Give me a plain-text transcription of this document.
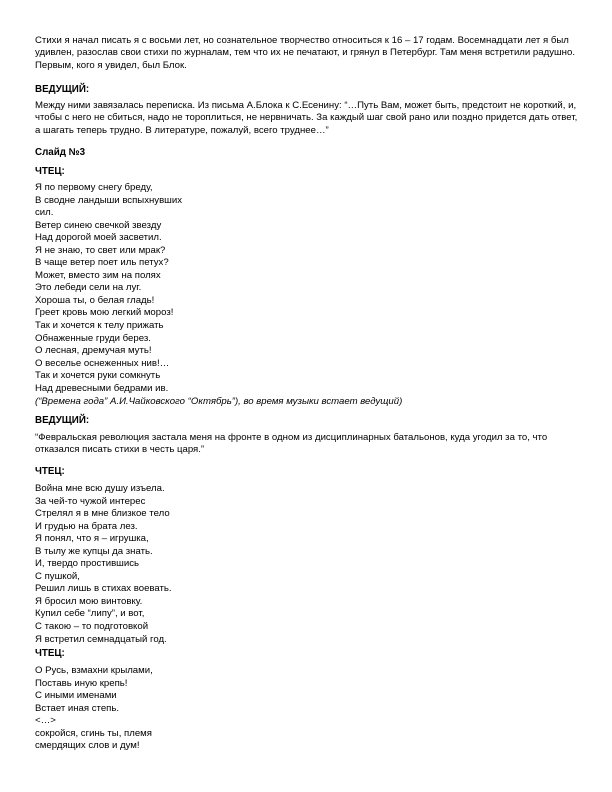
Стихи я начал писать я с восьми лет, но сознательное творчество относиться к 16 – 17 годам. Восемнадцати лет я был удивлен, разослав свои стихи по журналам, тем что их не печатают, и грянул в Петербург. Там меня встретили радушно. Первым, кого я увидел, был Блок.

ВЕДУЩИЙ:

Между ними завязалась переписка. Из письма А.Блока к С.Есенину: “…Путь Вам, может быть, предстоит не короткий, и, чтобы с него не сбиться, надо не тороплиться, не нервничать. За каждый шаг свой рано или поздно придется дать ответ, а шагать теперь трудно. В литературе, пожалуй, всего труднее…”

Слайд №3

ЧТЕЦ:

Я по первому снегу бреду,
В сводне ландыши вспыхнувших
сил.
Ветер синею свечкой звезду
Над дорогой моей засветил.
Я не знаю, то свет или мрак?
В чаще ветер поет иль петух?
Может, вместо зим на полях
Это лебеди сели на луг.
Хороша ты, о белая гладь!
Греет кровь мою легкий мороз!
Так и хочется к телу прижать
Обнаженные груди берез.
О лесная, дремучая муть!
О веселье оснеженных нив!…
Так и хочется руки сомкнуть
Над древесными бедрами ив.

(“Времена года” А.И.Чайковского “Октябрь”), во время музыки встает ведущий)

ВЕДУЩИЙ:

“Февральская революция застала меня на фронте в одном из дисциплинарных батальонов, куда угодил за то, что отказался писать стихи в честь царя.”

ЧТЕЦ:

Война мне всю душу изъела.
За чей-то чужой интерес
Стрелял я в мне близкое тело
И грудью на брата лез.
Я понял, что я – игрушка,
В тылу же купцы да знать.
И, твердо простившись
С пушкой,
Решил лишь в стихах воевать.
Я бросил мою винтовку.
Купил себе “липу”, и вот,
С такою – то подготовкой
Я встретил семнадцатый год.

ЧТЕЦ:

О Русь, взмахни крылами,
Поставь иную крепь!
С иными именами
Встает иная степь.
<…>
сокройся, сгинь ты, племя
смердящих слов и дум!
